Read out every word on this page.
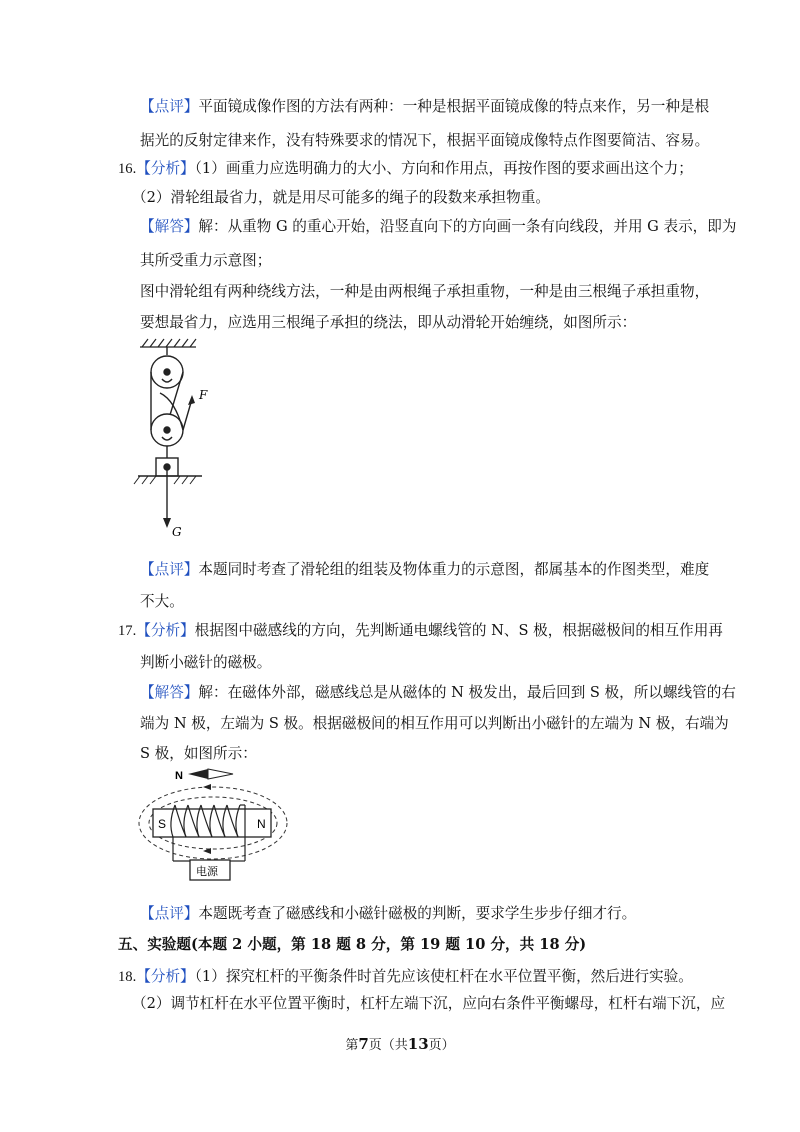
【点评】平面镜成像作图的方法有两种：一种是根据平面镜成像的特点来作，另一种是根
据光的反射定律来作，没有特殊要求的情况下，根据平面镜成像特点作图要简洁、容易。
16.【分析】（1）画重力应选明确力的大小、方向和作用点，再按作图的要求画出这个力；
（2）滑轮组最省力，就是用尽可能多的绳子的段数来承担物重。
【解答】解：从重物 G 的重心开始，沿竖直向下的方向画一条有向线段，并用 G 表示，即为
其所受重力示意图；
图中滑轮组有两种绕线方法，一种是由两根绳子承担重物，一种是由三根绳子承担重物，
要想最省力，应选用三根绳子承担的绕法，即从动滑轮开始缠绕，如图所示：
F
G
【点评】本题同时考查了滑轮组的组装及物体重力的示意图，都属基本的作图类型，难度
不大。
17.【分析】根据图中磁感线的方向，先判断通电螺线管的 N、S 极，根据磁极间的相互作用再
判断小磁针的磁极。
【解答】解：在磁体外部，磁感线总是从磁体的 N 极发出，最后回到 S 极，所以螺线管的右
端为 N 极，左端为 S 极。根据磁极间的相互作用可以判断出小磁针的左端为 N 极，右端为
S 极，如图所示：
N
S	N
电源
【点评】本题既考查了磁感线和小磁针磁极的判断，要求学生步步仔细才行。
五、实验题(本题 2 小题，第 18 题 8 分，第 19 题 10 分，共 18 分)
18.【分析】（1）探究杠杆的平衡条件时首先应该使杠杆在水平位置平衡，然后进行实验。
（2）调节杠杆在水平位置平衡时，杠杆左端下沉，应向右条件平衡螺母，杠杆右端下沉，应
第7页（共13页）
